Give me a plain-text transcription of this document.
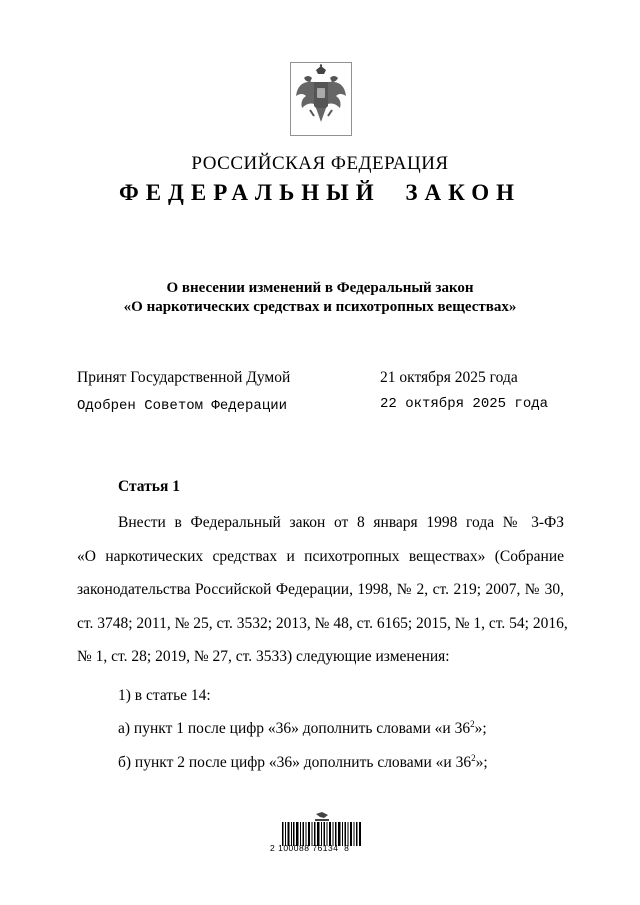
РОССИЙСКАЯ ФЕДЕРАЦИЯ
ФЕДЕРАЛЬНЫЙ ЗАКОН
О внесении изменений в Федеральный закон
«О наркотических средствах и психотропных веществах»
Принят Государственной Думой	21 октября 2025 года
Одобрен Советом Федерации	22 октября 2025 года
Статья 1
Внести в Федеральный закон от 8 января 1998 года № 3-ФЗ
«О наркотических средствах и психотропных веществах» (Собрание
законодательства Российской Федерации, 1998, № 2, ст. 219; 2007, № 30,
ст. 3748; 2011, № 25, ст. 3532; 2013, № 48, ст. 6165; 2015, № 1, ст. 54; 2016,
№ 1, ст. 28; 2019, № 27, ст. 3533) следующие изменения:
1) в статье 14:
а) пункт 1 после цифр «36» дополнить словами «и $36^2$»;
б) пункт 2 после цифр «36» дополнить словами «и $36^2$»;
2 100088 76134  8
